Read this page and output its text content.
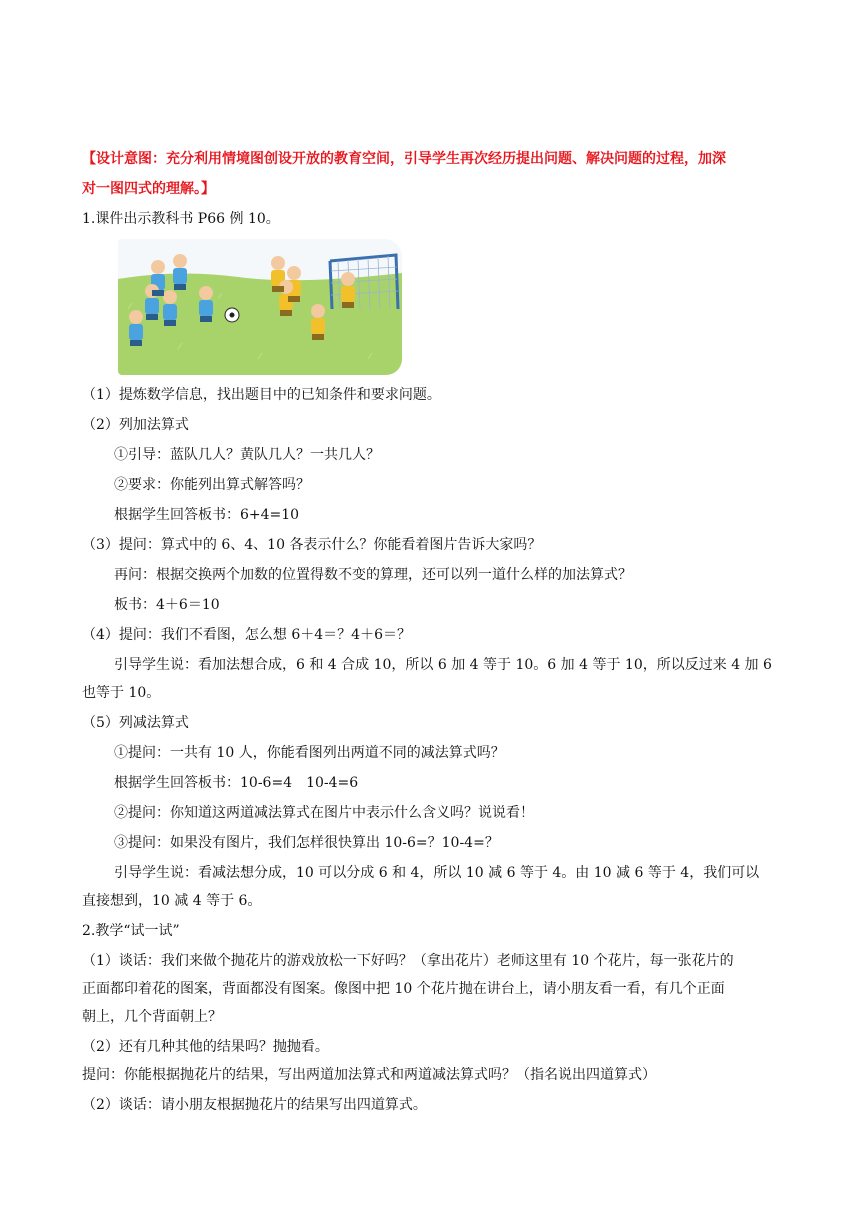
【设计意图：充分利用情境图创设开放的教育空间，引导学生再次经历提出问题、解决问题的过程，加深
对一图四式的理解。】
1.课件出示教科书 P66 例 10。
（1）提炼数学信息，找出题目中的已知条件和要求问题。
（2）列加法算式
①引导：蓝队几人？黄队几人？一共几人？
②要求：你能列出算式解答吗？
根据学生回答板书：6+4=10
（3）提问：算式中的 6、4、10 各表示什么？你能看着图片告诉大家吗？
再问：根据交换两个加数的位置得数不变的算理，还可以列一道什么样的加法算式？
板书：4＋6＝10
（4）提问：我们不看图，怎么想 6＋4＝？4＋6＝？
引导学生说：看加法想合成，6 和 4 合成 10，所以 6 加 4 等于 10。6 加 4 等于 10，所以反过来 4 加 6
也等于 10。
（5）列减法算式
①提问：一共有 10 人，你能看图列出两道不同的减法算式吗？
根据学生回答板书：10-6=4　10-4=6
②提问：你知道这两道减法算式在图片中表示什么含义吗？说说看！
③提问：如果没有图片，我们怎样很快算出 10-6=？10-4=？
引导学生说：看减法想分成，10 可以分成 6 和 4，所以 10 减 6 等于 4。由 10 减 6 等于 4，我们可以
直接想到，10 减 4 等于 6。
2.教学“试一试”
（1）谈话：我们来做个抛花片的游戏放松一下好吗？（拿出花片）老师这里有 10 个花片，每一张花片的
正面都印着花的图案，背面都没有图案。像图中把 10 个花片抛在讲台上，请小朋友看一看，有几个正面
朝上，几个背面朝上？
（2）还有几种其他的结果吗？抛抛看。
提问：你能根据抛花片的结果，写出两道加法算式和两道减法算式吗？（指名说出四道算式）
（2）谈话：请小朋友根据抛花片的结果写出四道算式。
